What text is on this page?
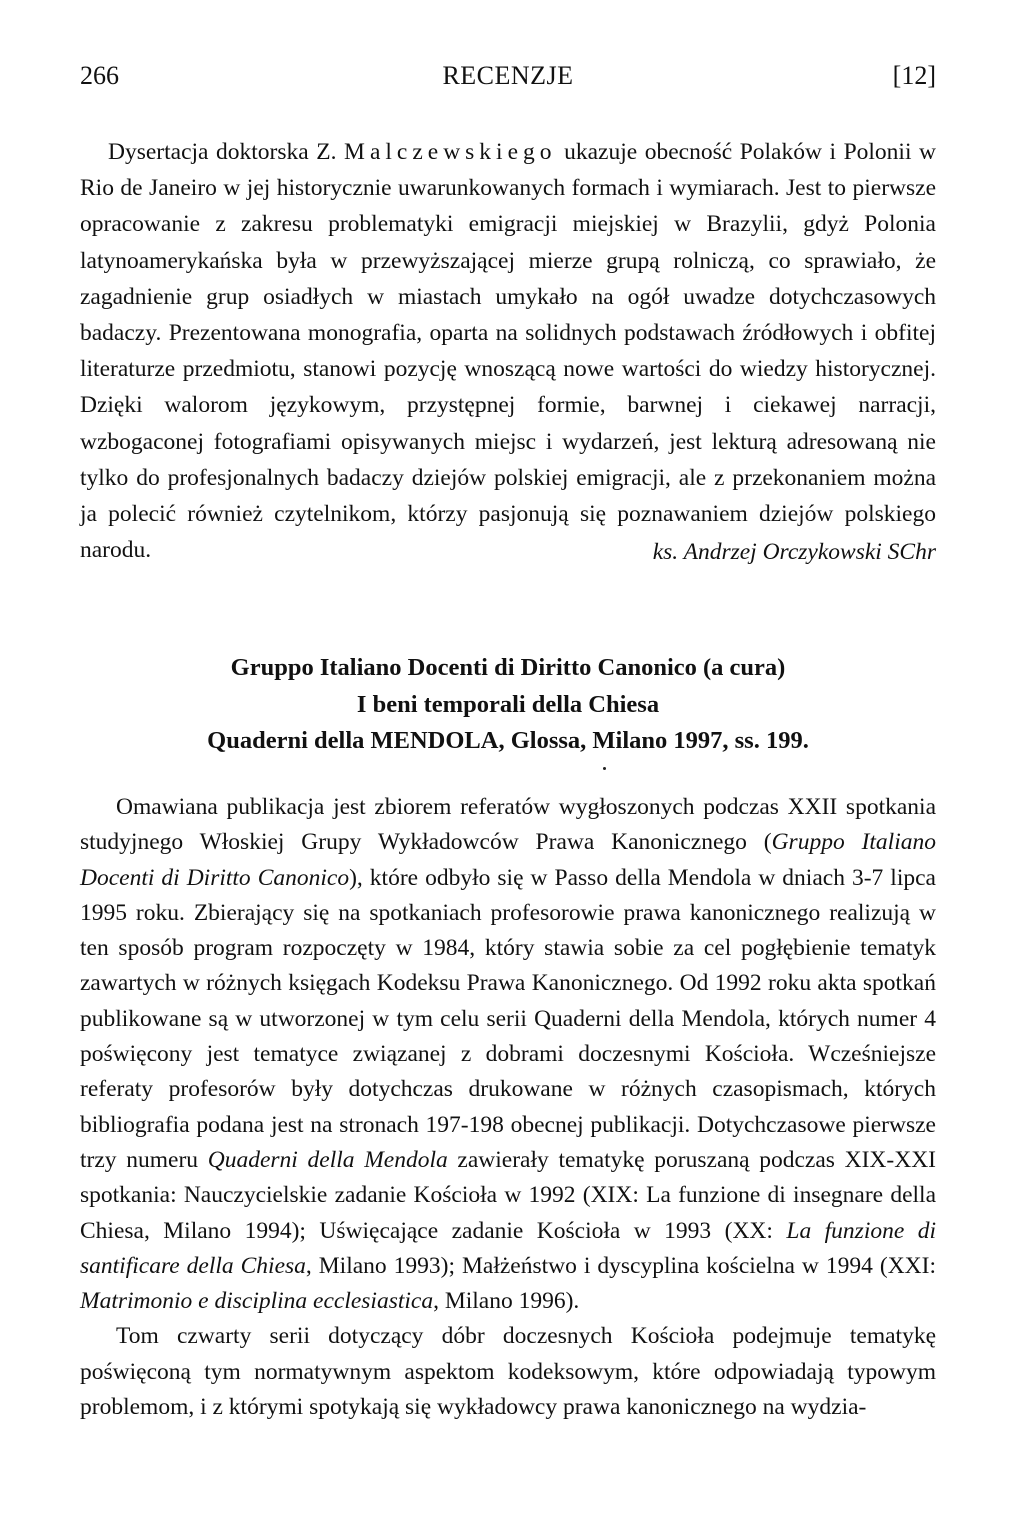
266	RECENZJE	[12]

Dysertacja doktorska Z. Malczewskiego ukazuje obecność Polaków i Polonii w Rio de Janeiro w jej historycznie uwarunkowanych formach i wymiarach. Jest to pierwsze opracowanie z zakresu problematyki emigracji miejskiej w Brazylii, gdyż Polonia latynoamerykańska była w przewyższającej mierze grupą rolniczą, co sprawiało, że zagadnienie grup osiadłych w miastach umykało na ogół uwadze dotychczasowych badaczy. Prezentowana monografia, oparta na solidnych podstawach źródłowych i obfitej literaturze przedmiotu, stanowi pozycję wnoszącą nowe wartości do wiedzy historycznej. Dzięki walorom językowym, przystępnej formie, barwnej i ciekawej narracji, wzbogaconej fotografiami opisywanych miejsc i wydarzeń, jest lekturą adresowaną nie tylko do profesjonalnych badaczy dziejów polskiej emigracji, ale z przekonaniem można ja polecić również czytelnikom, którzy pasjonują się poznawaniem dziejów polskiego narodu.	ks. Andrzej Orczykowski SChr
Gruppo Italiano Docenti di Diritto Canonico (a cura)
I beni temporali della Chiesa
Quaderni della MENDOLA, Glossa, Milano 1997, ss. 199.

Omawiana publikacja jest zbiorem referatów wygłoszonych podczas XXII spotkania studyjnego Włoskiej Grupy Wykładowców Prawa Kanonicznego (Gruppo Italiano Docenti di Diritto Canonico), które odbyło się w Passo della Mendola w dniach 3-7 lipca 1995 roku. Zbierający się na spotkaniach profesorowie prawa kanonicznego realizują w ten sposób program rozpoczęty w 1984, który stawia sobie za cel pogłębienie tematyk zawartych w różnych księgach Kodeksu Prawa Kanonicznego. Od 1992 roku akta spotkań publikowane są w utworzonej w tym celu serii Quaderni della Mendola, których numer 4 poświęcony jest tematyce związanej z dobrami doczesnymi Kościoła. Wcześniejsze referaty profesorów były dotychczas drukowane w różnych czasopismach, których bibliografia podana jest na stronach 197-198 obecnej publikacji. Dotychczasowe pierwsze trzy numeru Quaderni della Mendola zawierały tematykę poruszaną podczas XIX-XXI spotkania: Nauczycielskie zadanie Kościoła w 1992 (XIX: La funzione di insegnare della Chiesa, Milano 1994); Uświęcające zadanie Kościoła w 1993 (XX: La funzione di santificare della Chiesa, Milano 1993); Małżeństwo i dyscyplina kościelna w 1994 (XXI: Matrimonio e disciplina ecclesiastica, Milano 1996).

Tom czwarty serii dotyczący dóbr doczesnych Kościoła podejmuje tematykę poświęconą tym normatywnym aspektom kodeksowym, które odpowiadają typowym problemom, i z którymi spotykają się wykładowcy prawa kanonicznego na wydzia-
